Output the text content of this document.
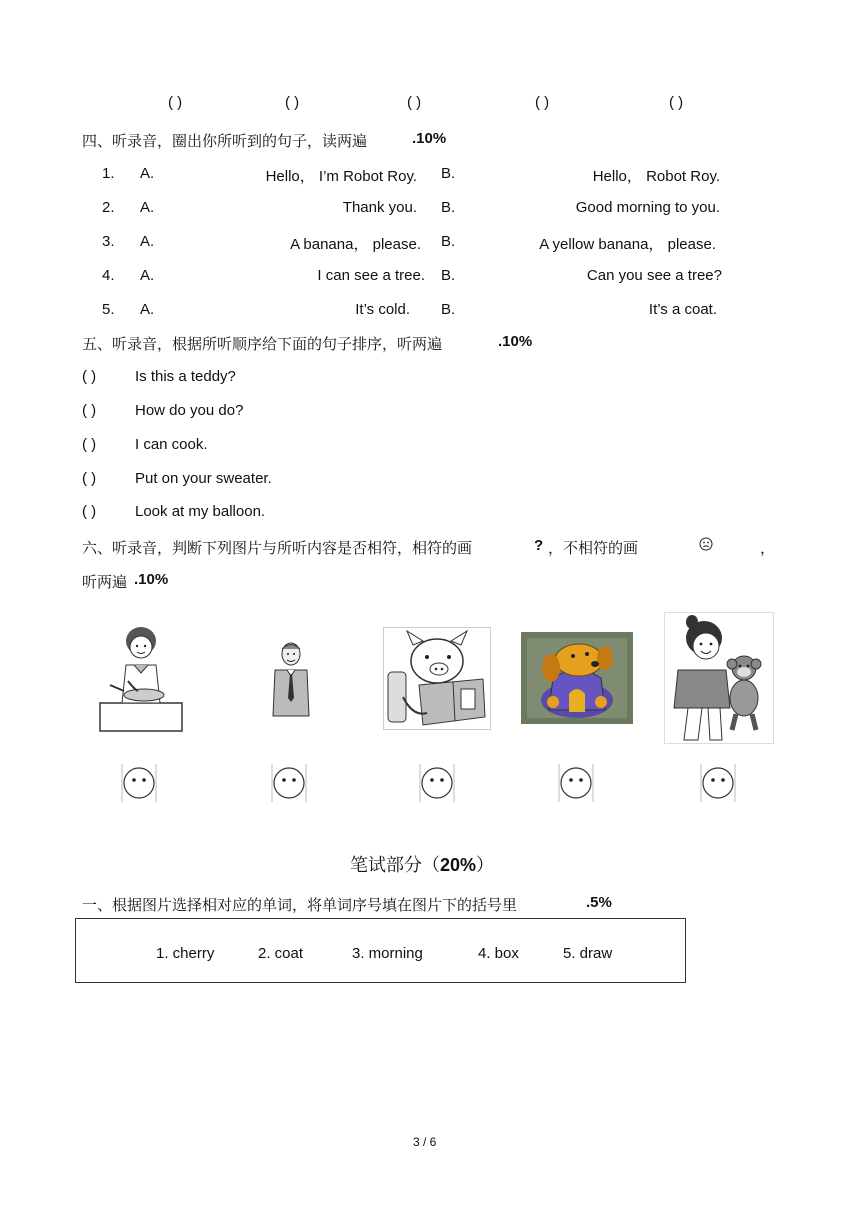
( )	( )	( )	( )	( )
四、听录音，圈出你所听到的句子，读两遍	.10%
1. A.	Hello， I’m Robot Roy. B.	Hello， Robot Roy.
2. A.	Thank you. B.	Good morning to you.
3. A.	A banana， please. B.	A yellow banana， please.
4. A.	I can see a tree. B.	Can you see a tree?
5. A.	It’s cold. B.	It’s a coat.
五、听录音，根据所听顺序给下面的句子排序，听两遍	.10%
( )	Is this a teddy?
( )	How do you do?
( )	I can cook.
( )	Put on your sweater.
( )	Look at my balloon.
六、听录音，判断下列图片与所听内容是否相符，相符的画	? ，不相符的画	，
听两遍 .10%
笔试部分（20%）
一、根据图片选择相对应的单词，将单词序号填在图片下的括号里	.5%
1. cherry	2. coat	3. morning	4. box	5. draw
3 / 6
